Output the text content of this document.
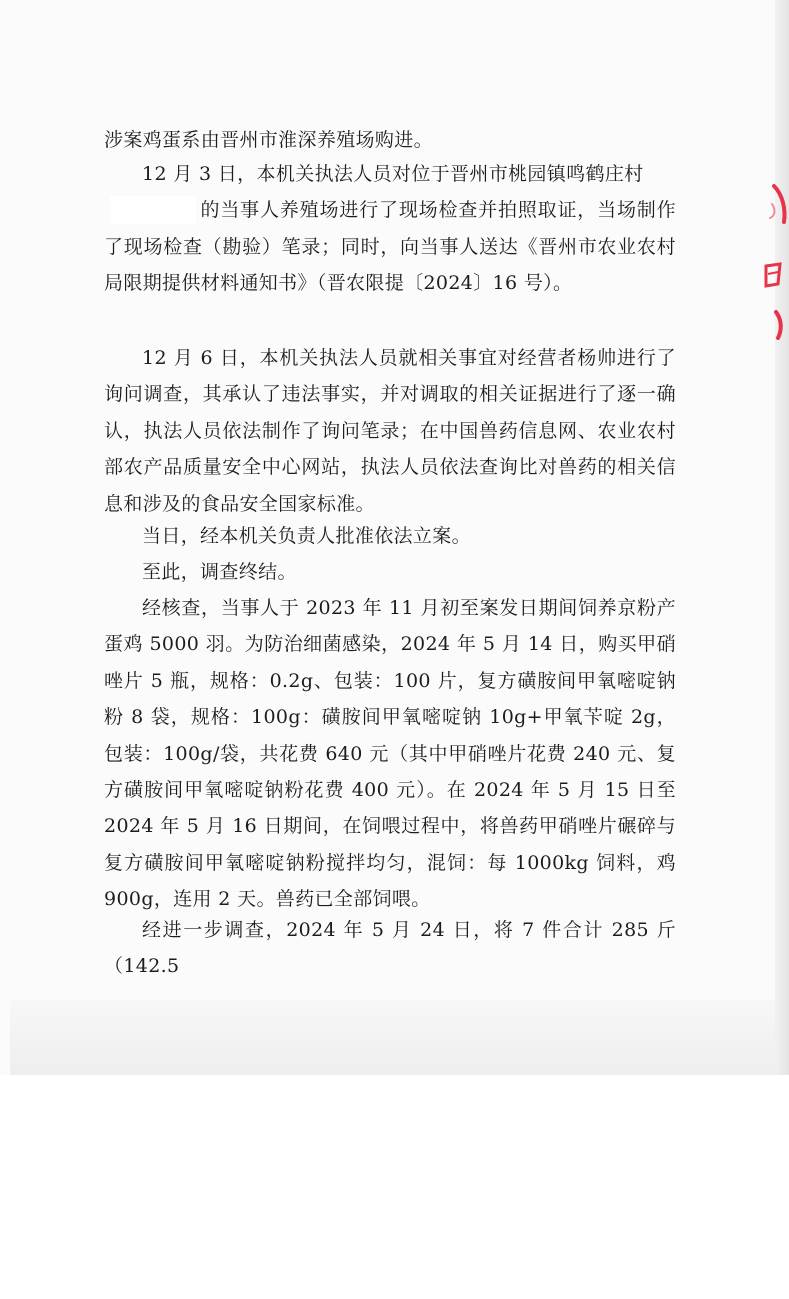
涉案鸡蛋系由晋州市淮深养殖场购进。

12 月 3 日，本机关执法人员对位于晋州市桃园镇鸣鹤庄村
的当事人养殖场进行了现场检查并拍照取证，当场制作了现场检查（勘验）笔录；同时，向当事人送达《晋州市农业农村局限期提供材料通知书》（晋农限提〔2024〕16 号）。

12 月 6 日，本机关执法人员就相关事宜对经营者杨帅进行了询问调查，其承认了违法事实，并对调取的相关证据进行了逐一确认，执法人员依法制作了询问笔录；在中国兽药信息网、农业农村部农产品质量安全中心网站，执法人员依法查询比对兽药的相关信息和涉及的食品安全国家标准。

当日，经本机关负责人批准依法立案。

至此，调查终结。

经核查，当事人于 2023 年 11 月初至案发日期间饲养京粉产蛋鸡 5000 羽。为防治细菌感染，2024 年 5 月 14 日，购买甲硝唑片 5 瓶，规格：0.2g、包装：100 片，复方磺胺间甲氧嘧啶钠粉 8 袋，规格：100g：磺胺间甲氧嘧啶钠 10g+甲氧苄啶 2g，包装：100g/袋，共花费 640 元（其中甲硝唑片花费 240 元、复方磺胺间甲氧嘧啶钠粉花费 400 元）。在 2024 年 5 月 15 日至 2024 年 5 月 16 日期间，在饲喂过程中，将兽药甲硝唑片碾碎与复方磺胺间甲氧嘧啶钠粉搅拌均匀，混饲：每 1000kg 饲料，鸡 900g，连用 2 天。兽药已全部饲喂。

经进一步调查，2024 年 5 月 24 日，将 7 件合计 285 斤（142.5
